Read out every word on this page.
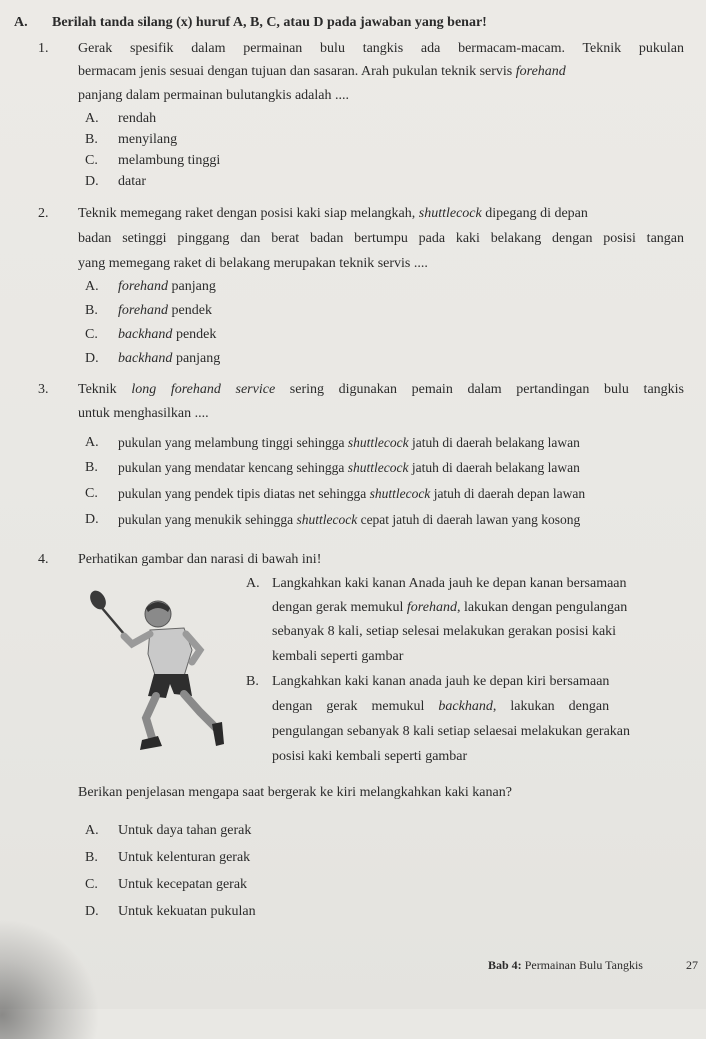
A. Berilah tanda silang (x) huruf A, B, C, atau D pada jawaban yang benar!
1. Gerak spesifik dalam permainan bulu tangkis ada bermacam-macam. Teknik pukulan
bermacam jenis sesuai dengan tujuan dan sasaran. Arah pukulan teknik servis forehand
panjang dalam permainan bulutangkis adalah ....
A. rendah
B. menyilang
C. melambung tinggi
D. datar
2. Teknik memegang raket dengan posisi kaki siap melangkah, shuttlecock dipegang di depan
badan setinggi pinggang dan berat badan bertumpu pada kaki belakang dengan posisi tangan
yang memegang raket di belakang merupakan teknik servis ....
A. forehand panjang
B. forehand pendek
C. backhand pendek
D. backhand panjang
3. Teknik long forehand service sering digunakan pemain dalam pertandingan bulu tangkis
untuk menghasilkan ....
A. pukulan yang melambung tinggi sehingga shuttlecock jatuh di daerah belakang lawan
B. pukulan yang mendatar kencang sehingga shuttlecock jatuh di daerah belakang lawan
C. pukulan yang pendek tipis diatas net sehingga shuttlecock jatuh di daerah depan lawan
D. pukulan yang menukik sehingga shuttlecock cepat jatuh di daerah lawan yang kosong
4. Perhatikan gambar dan narasi di bawah ini!
A. Langkahkan kaki kanan Anada jauh ke depan kanan bersamaan
dengan gerak memukul forehand, lakukan dengan pengulangan
sebanyak 8 kali, setiap selesai melakukan gerakan posisi kaki
kembali seperti gambar
B. Langkahkan kaki kanan anada jauh ke depan kiri bersamaan
dengan    gerak    memukul    backhand,    lakukan    dengan
pengulangan sebanyak 8 kali setiap selaesai melakukan gerakan
posisi kaki kembali seperti gambar
Berikan penjelasan mengapa saat bergerak ke kiri melangkahkan kaki kanan?
A. Untuk daya tahan gerak
B. Untuk kelenturan gerak
C. Untuk kecepatan gerak
D. Untuk kekuatan pukulan
Bab 4: Permainan Bulu Tangkis	27
